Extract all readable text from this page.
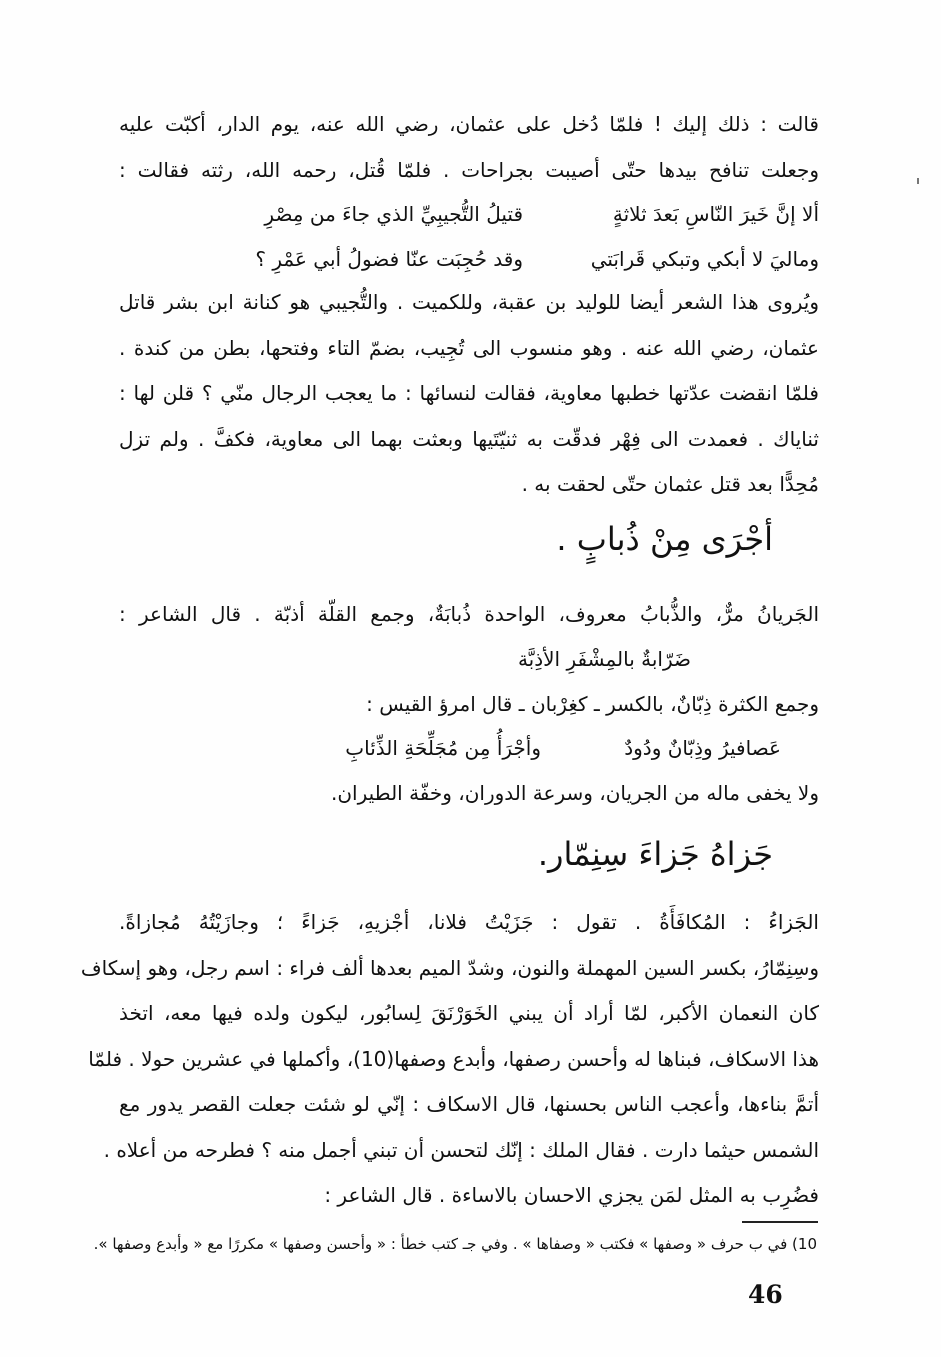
قالت : ذلك إليك ! فلمّا دُخل على عثمان، رضي الله عنه، يوم الدار، أكبّت عليه
وجعلت تنافح بيدها حتّى أصيبت بجراحات . فلمّا قُتل، رحمه الله، رثته فقالت :
ألا إنَّ خَيرَ النّاسِ بَعدَ ثلاثةٍ
قتيلُ التُّجيبِيِّ الذي جاءَ من مِصْرِ
وماليَ لا أبكي وتبكي قَرابَتي
وقد حُجِبَت عنّا فضولُ أبي عَمْرِ ؟
ويُروى هذا الشعر أيضا للوليد بن عقبة، وللكميت . والتُّجيبي هو كنانة ابن بشر قاتل
عثمان، رضي الله عنه . وهو منسوب الى تُجِيب، بضمّ التاء وفتحها، بطن من كندة .
فلمّا انقضت عدّتها خطبها معاوية، فقالت لنسائها : ما يعجب الرجال منّي ؟ قلن لها :
ثناياك . فعمدت الى فِهْر فدقّت به ثنيّتَيها وبعثت بهما الى معاوية، فكفَّ . ولم تزل
مُحِدًّا بعد قتل عثمان حتّى لحقت به .
أجْرَى مِنْ ذُبابٍ .
الجَريانُ مرٌّ، والذُّبابُ معروف، الواحدة ذُبابَةٌ، وجمع القلّة أذبّة . قال الشاعر :
ضَرّابةٌ بالمِشْفَرِ الأذِبَّة
وجمع الكثرة ذِبّانٌ، بالكسر ـ كغِرْبان ـ قال امرؤ القيس :
عَصافيرُ وذِبّانٌ ودُودٌ
وأجْرَأُ مِن مُجَلِّحَةِ الذِّئابِ
ولا يخفى ماله من الجريان، وسرعة الدوران، وخفّة الطيران.
جَزاهُ جَزاءَ سِنِمّار.
الجَزاءُ : المُكافَأَةُ . تقول : جَزَيْتُ فلانا، أجْزيهِ، جَزاءً ؛ وجازَيْتُهُ مُجازاةً.
وسِنِمّارُ، بكسر السين المهملة والنون، وشدّ الميم بعدها ألف فراء : اسم رجل، وهو إسكاف
كان النعمان الأكبر، لمّا أراد أن يبني الخَوَرْنَقَ لِسابُور، ليكون ولده فيها معه، اتخذ
هذا الاسكاف، فبناها له وأحسن رصفها، وأبدع وصفها(10)، وأكملها في عشرين حولا . فلمّا
أتمَّ بناءها، وأعجب الناس بحسنها، قال الاسكاف : إنّي لو شئت جعلت القصر يدور مع
الشمس حيثما دارت . فقال الملك : إنّك لتحسن أن تبني أجمل منه ؟ فطرحه من أعلاه .
فضُرِب به المثل لمَن يجزي الاحسان بالاساءة . قال الشاعر :
10) في ب حرف « وصفها » فكتب « وصفاها » . وفي جـ كتب خطأ : « وأحسن وصفها » مكررًا مع « وأبدع وصفها ».
46
